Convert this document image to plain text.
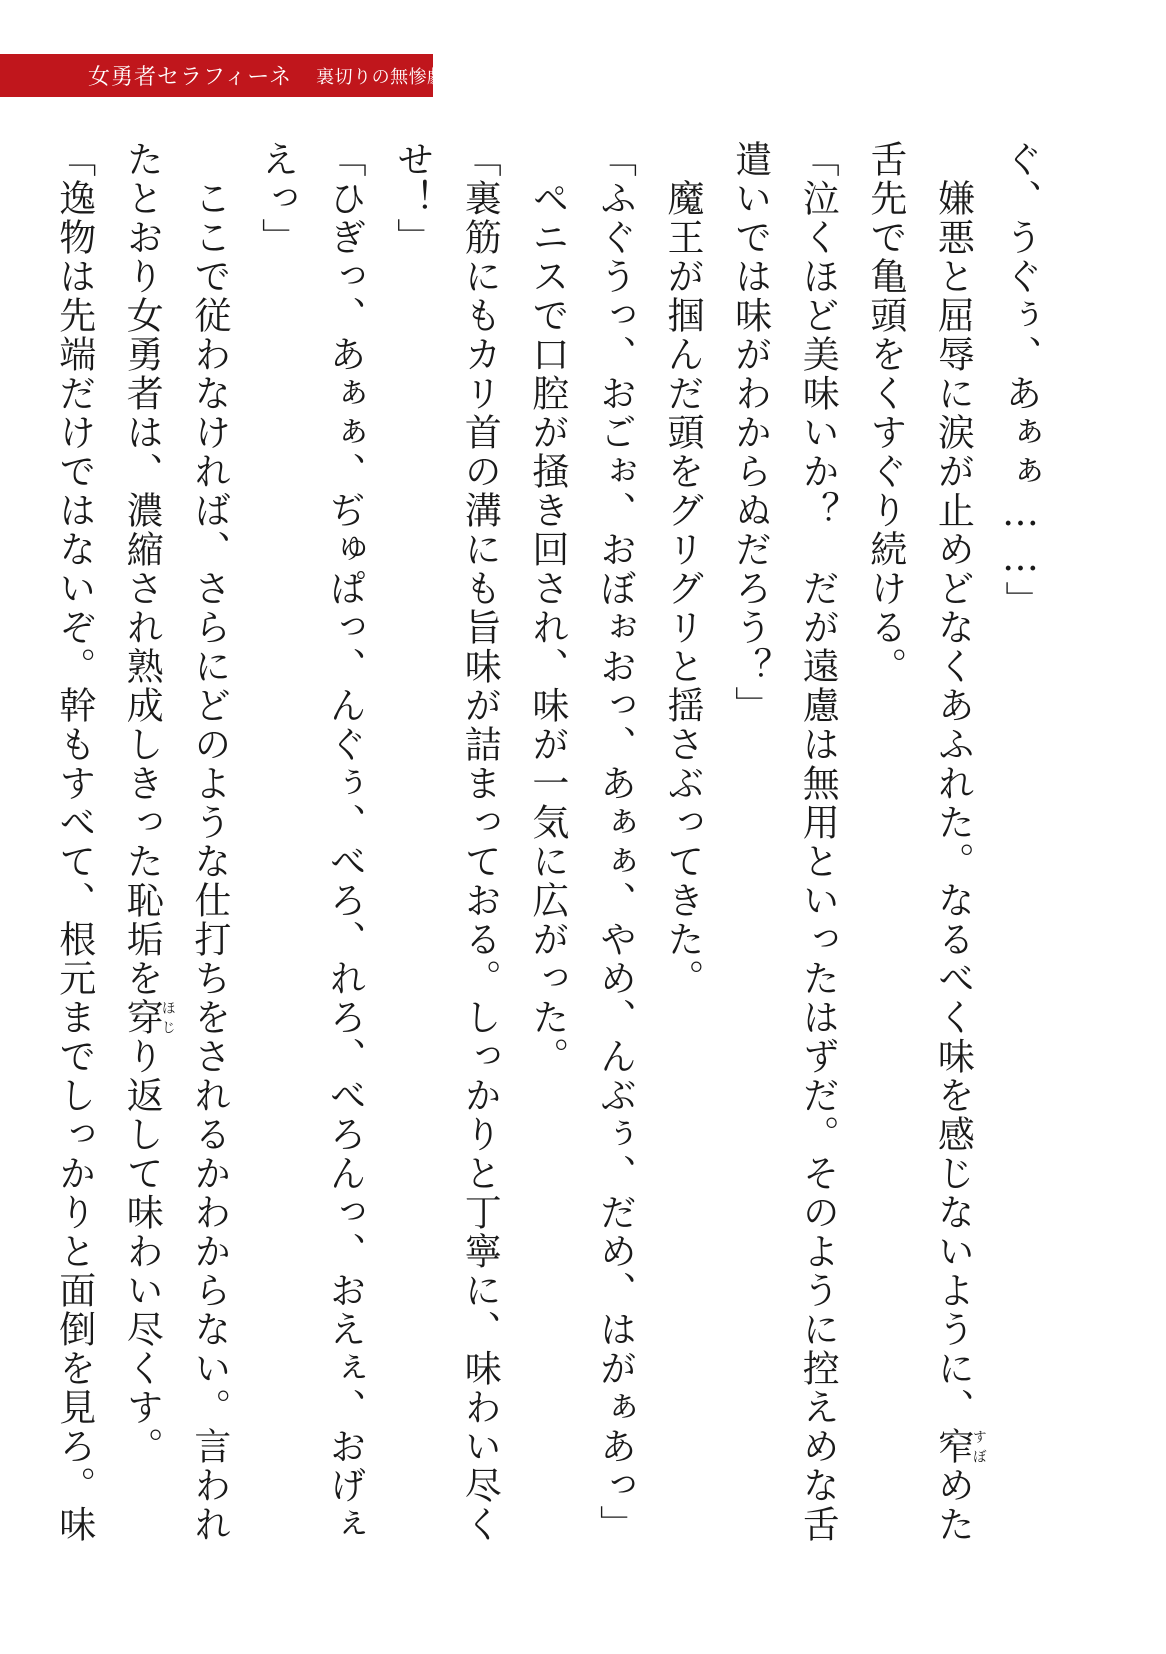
女勇者セラフィーネ 裏切りの無惨劇
ぐ、うぐぅ、あぁぁ……」
　嫌悪と屈辱に涙が止めどなくあふれた。なるべく味を感じないように、窄すぼめた
舌先で亀頭をくすぐり続ける。
「泣くほど美味いか？　だが遠慮は無用といったはずだ。そのように控えめな舌
遣いでは味がわからぬだろう？」
　魔王が掴んだ頭をグリグリと揺さぶってきた。
「ふぐうっ、おごぉ、おぼぉおっ、あぁぁ、やめ、んぶぅ、だめ、はがぁあっ」
　ペニスで口腔が掻き回され、味が一気に広がった。
「裏筋にもカリ首の溝にも旨味が詰まっておる。しっかりと丁寧に、味わい尽く
せ！」
「ひぎっ、あぁぁ、ぢゅぱっ、んぐぅ、べろ、れろ、べろんっ、おえぇ、おげぇ
えっ」
　ここで従わなければ、さらにどのような仕打ちをされるかわからない。言われ
たとおり女勇者は、濃縮され熟成しきった恥垢を穿ほじり返して味わい尽くす。
「逸物は先端だけではないぞ。幹もすべて、根元までしっかりと面倒を見ろ。味
